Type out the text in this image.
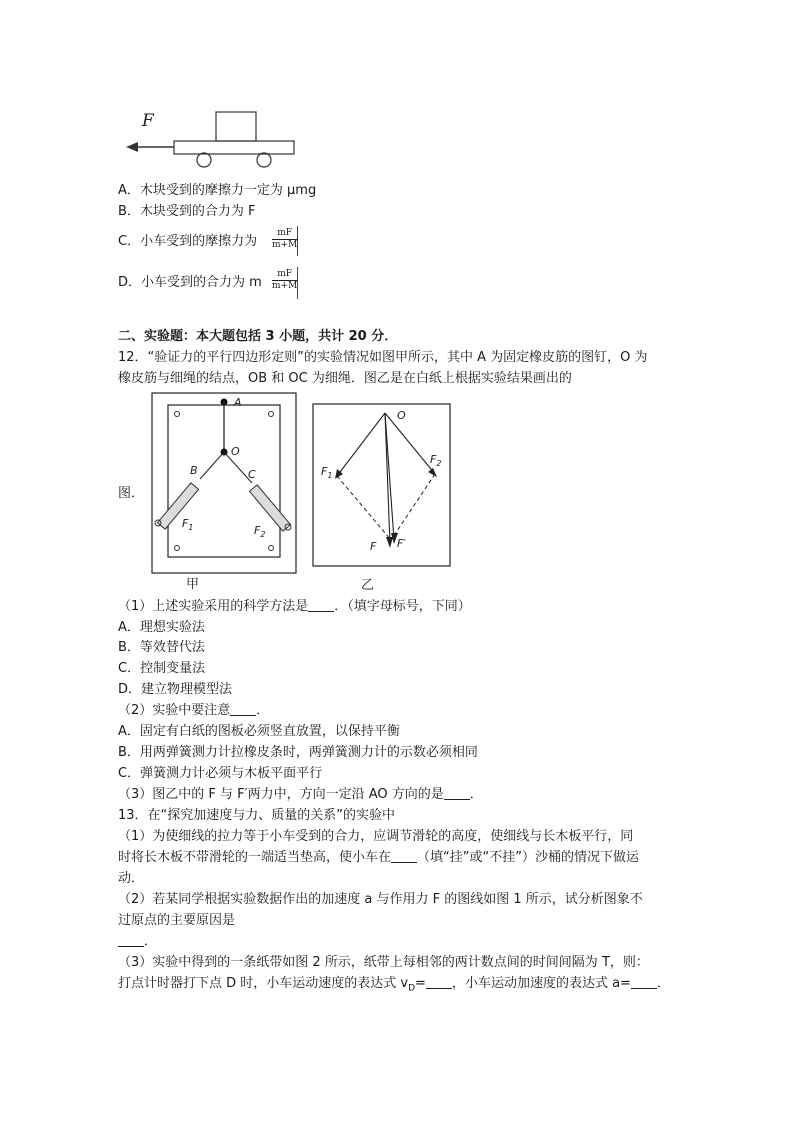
F
A．木块受到的摩擦力一定为 μmg
B．木块受到的合力为 F
C．小车受到的摩擦力为
mF
m+M
D．小车受到的合力为 m
mF
m+M
二、实验题：本大题包括 3 小题，共计 20 分．
12．“验证力的平行四边形定则”的实验情况如图甲所示，其中 A 为固定橡皮筋的图钉，O 为
橡皮筋与细绳的结点，OB 和 OC 为细绳．图乙是在白纸上根据实验结果画出的
图．
A
O
B	C
$F_1$	$F_2$
甲
O
$F_1$
$F_2$
F F′
乙
（1）上述实验采用的科学方法是 ．（填字母标号，下同）
A．理想实验法
B．等效替代法
C．控制变量法
D．建立物理模型法
（2）实验中要注意 ．
A．固定有白纸的图板必须竖直放置，以保持平衡
B．用两弹簧测力计拉橡皮条时，两弹簧测力计的示数必须相同
C．弹簧测力计必须与木板平面平行
（3）图乙中的 F 与 F′两力中，方向一定沿 AO 方向的是 ．
13．在“探究加速度与力、质量的关系”的实验中
（1）为使细线的拉力等于小车受到的合力，应调节滑轮的高度，使细线与长木板平行，同
时将长木板不带滑轮的一端适当垫高，使小车在 （填“挂”或“不挂”）沙桶的情况下做运
动．
（2）若某同学根据实验数据作出的加速度 a 与作用力 F 的图线如图 1 所示，试分析图象不
过原点的主要原因是
．
（3）实验中得到的一条纸带如图 2 所示，纸带上每相邻的两计数点间的时间间隔为 T，则：
打点计时器打下点 D 时，小车运动速度的表达式 $v_D=$ ，小车运动加速度的表达式 a= ．
